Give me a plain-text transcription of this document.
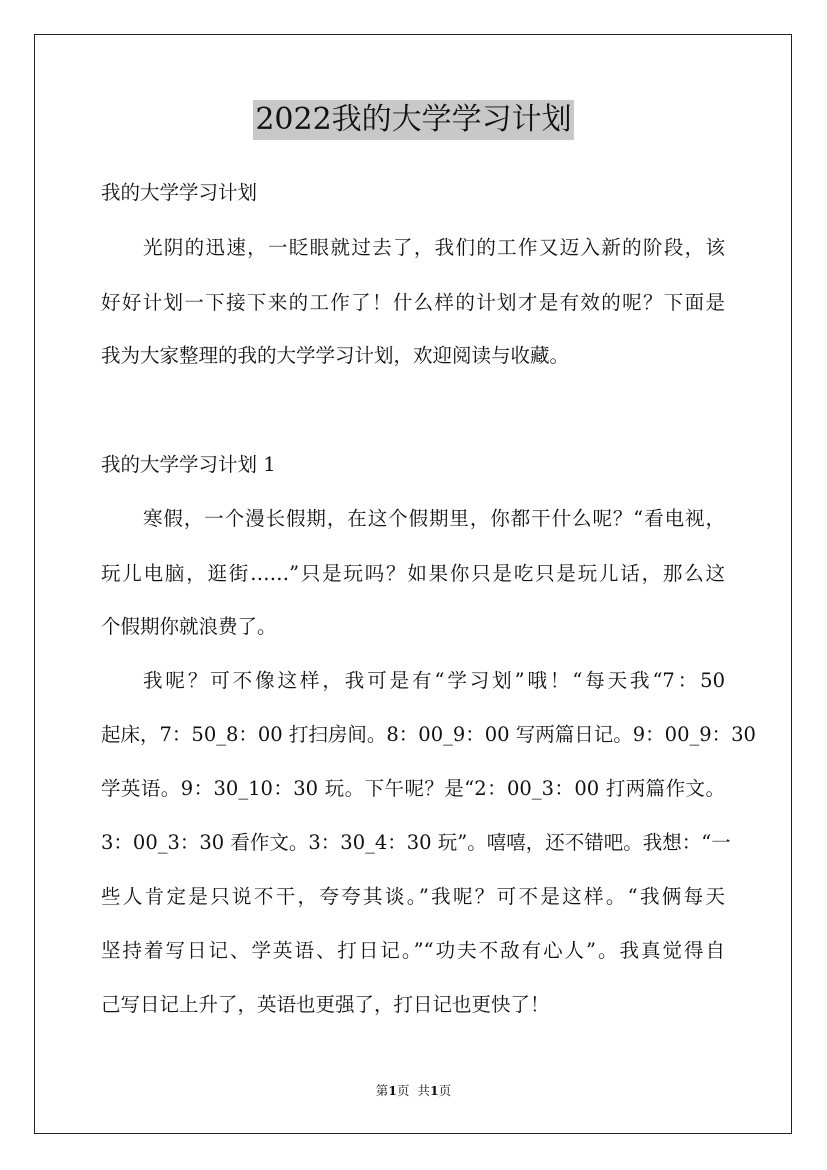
2022我的大学学习计划
我的大学学习计划
光阴的迅速，一眨眼就过去了，我们的工作又迈入新的阶段，该
好好计划一下接下来的工作了！什么样的计划才是有效的呢？下面是
我为大家整理的我的大学学习计划，欢迎阅读与收藏。
我的大学学习计划 1
寒假，一个漫长假期，在这个假期里，你都干什么呢？“看电视，
玩儿电脑，逛街……”只是玩吗？如果你只是吃只是玩儿话，那么这
个假期你就浪费了。
我呢？可不像这样，我可是有“学习划”哦！“每天我“7：50
起床，7：50_8：00 打扫房间。8：00_9：00 写两篇日记。9：00_9：30
学英语。9：30_10：30 玩。下午呢？是“2：00_3：00 打两篇作文。
3：00_3：30 看作文。3：30_4：30 玩”。嘻嘻，还不错吧。我想：“一
些人肯定是只说不干，夸夸其谈。”我呢？可不是这样。“我俩每天
坚持着写日记、学英语、打日记。”“功夫不敌有心人”。我真觉得自
己写日记上升了，英语也更强了，打日记也更快了！
第1页 共1页
